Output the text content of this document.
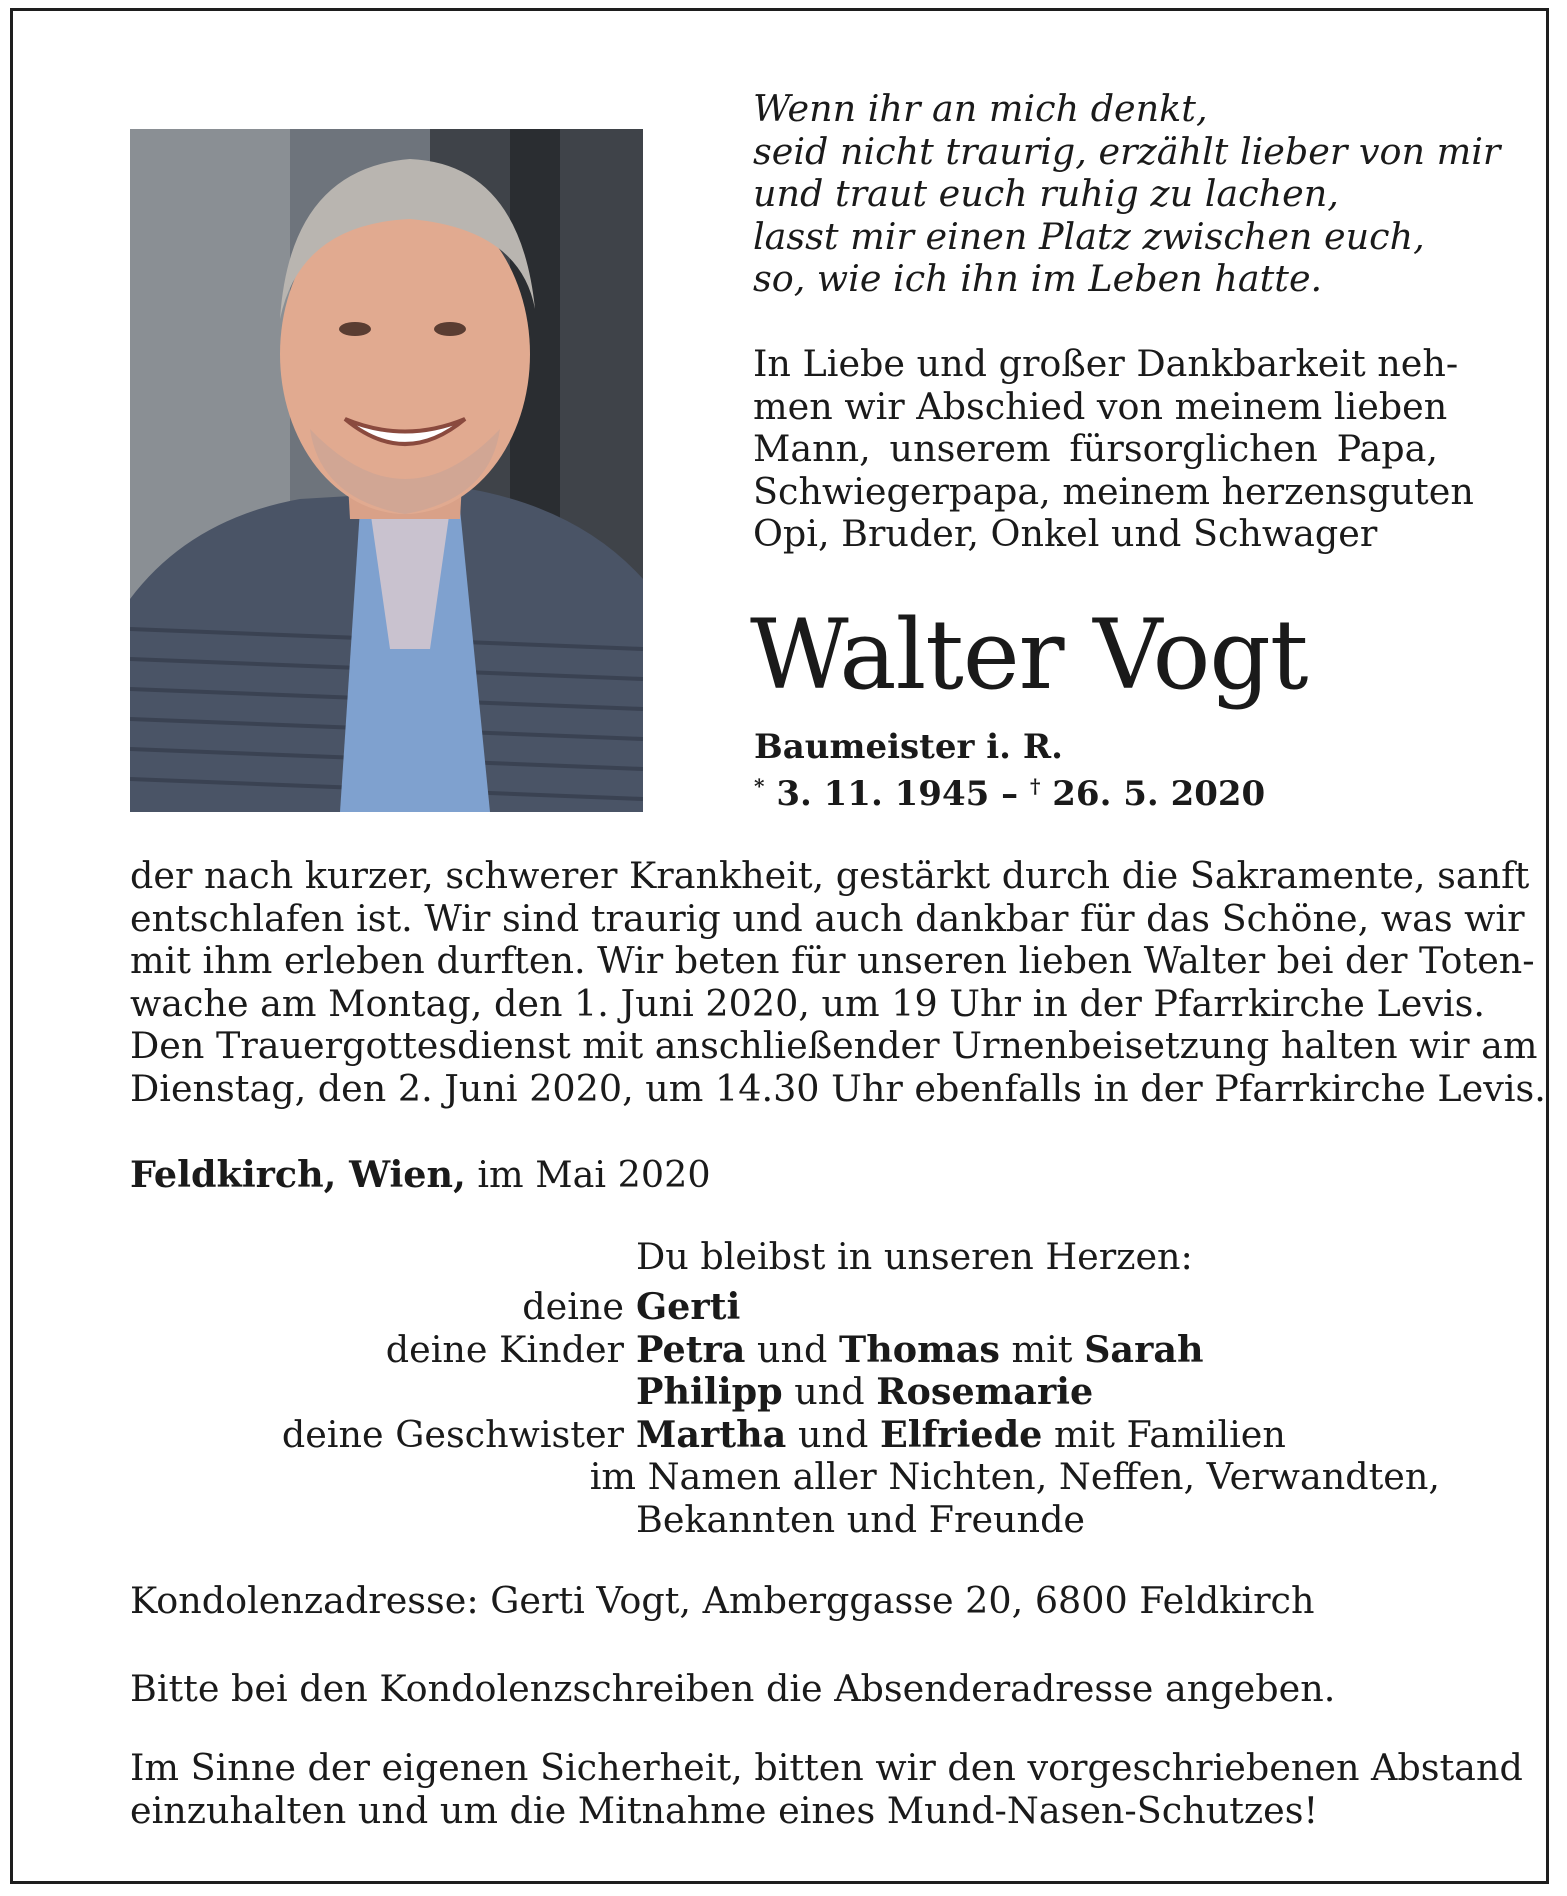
Wenn ihr an mich denkt,
seid nicht traurig, erzählt lieber von mir
und traut euch ruhig zu lachen,
lasst mir einen Platz zwischen euch,
so, wie ich ihn im Leben hatte.
In Liebe und großer Dankbarkeit neh-
men wir Abschied von meinem lieben
Mann, unserem fürsorglichen Papa,
Schwiegerpapa, meinem herzensguten
Opi, Bruder, Onkel und Schwager
Walter Vogt
Baumeister i. R.
* 3. 11. 1945 – † 26. 5. 2020
der nach kurzer, schwerer Krankheit, gestärkt durch die Sakramente, sanft
entschlafen ist. Wir sind traurig und auch dankbar für das Schöne, was wir
mit ihm erleben durften. Wir beten für unseren lieben Walter bei der Toten-
wache am Montag, den 1. Juni 2020, um 19 Uhr in der Pfarrkirche Levis.
Den Trauergottesdienst mit anschließender Urnenbeisetzung halten wir am
Dienstag, den 2. Juni 2020, um 14.30 Uhr ebenfalls in der Pfarrkirche Levis.
Feldkirch, Wien, im Mai 2020
Du bleibst in unseren Herzen:
deine Gerti
deine Kinder Petra und Thomas mit Sarah
Philipp und Rosemarie
deine Geschwister Martha und Elfriede mit Familien
im Namen aller Nichten, Neffen, Verwandten,
Bekannten und Freunde
Kondolenzadresse: Gerti Vogt, Amberggasse 20, 6800 Feldkirch
Bitte bei den Kondolenzschreiben die Absenderadresse angeben.
Im Sinne der eigenen Sicherheit, bitten wir den vorgeschriebenen Abstand
einzuhalten und um die Mitnahme eines Mund-Nasen-Schutzes!
